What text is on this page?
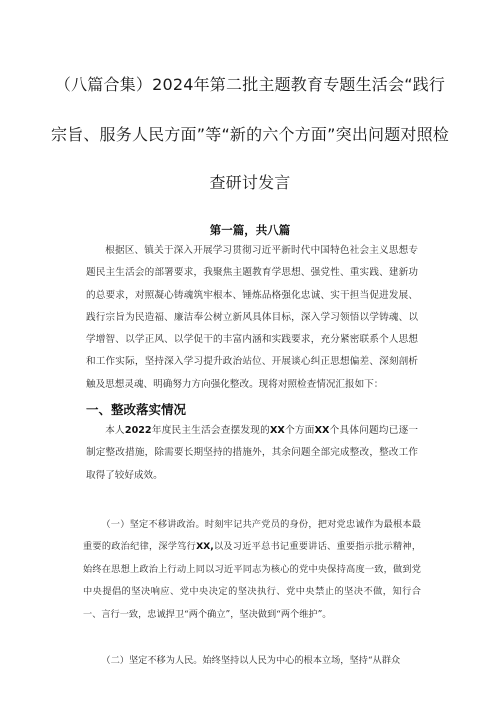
（八篇合集）2024年第二批主题教育专题生活会“践行
宗旨、服务人民方面”等“新的六个方面”突出问题对照检
查研讨发言
第一篇，共八篇

根据区、镇关于深入开展学习贯彻习近平新时代中国特色社会主义思想专题民主生活会的部署要求，我聚焦主题教育学思想、强党性、重实践、建新功的总要求，对照凝心铸魂筑牢根本、锤炼品格强化忠诚、实干担当促进发展、践行宗旨为民造福、廉洁奉公树立新风具体目标，深入学习领悟以学铸魂、以学增智、以学正风、以学促干的丰富内涵和实践要求，充分紧密联系个人思想和工作实际，坚持深入学习提升政治站位、开展谈心纠正思想偏差、深刻剖析触及思想灵魂、明确努力方向强化整改。现将对照检查情况汇报如下：

一、整改落实情况

本人2022年度民主生活会查摆发现的XX个方面XX个具体问题均已逐一制定整改措施，除需要长期坚持的措施外，其余问题全部完成整改，整改工作取得了较好成效。

（一）坚定不移讲政治。时刻牢记共产党员的身份，把对党忠诚作为最根本最重要的政治纪律，深学笃行XX,以及习近平总书记重要讲话、重要指示批示精神，始终在思想上政治上行动上同以习近平同志为核心的党中央保持高度一致，做到党中央提倡的坚决响应、党中央决定的坚决执行、党中央禁止的坚决不做，知行合一、言行一致，忠诚捍卫“两个确立”，坚决做到“两个维护”。

（二）坚定不移为人民。始终坚持以人民为中心的根本立场，坚持“从群众
